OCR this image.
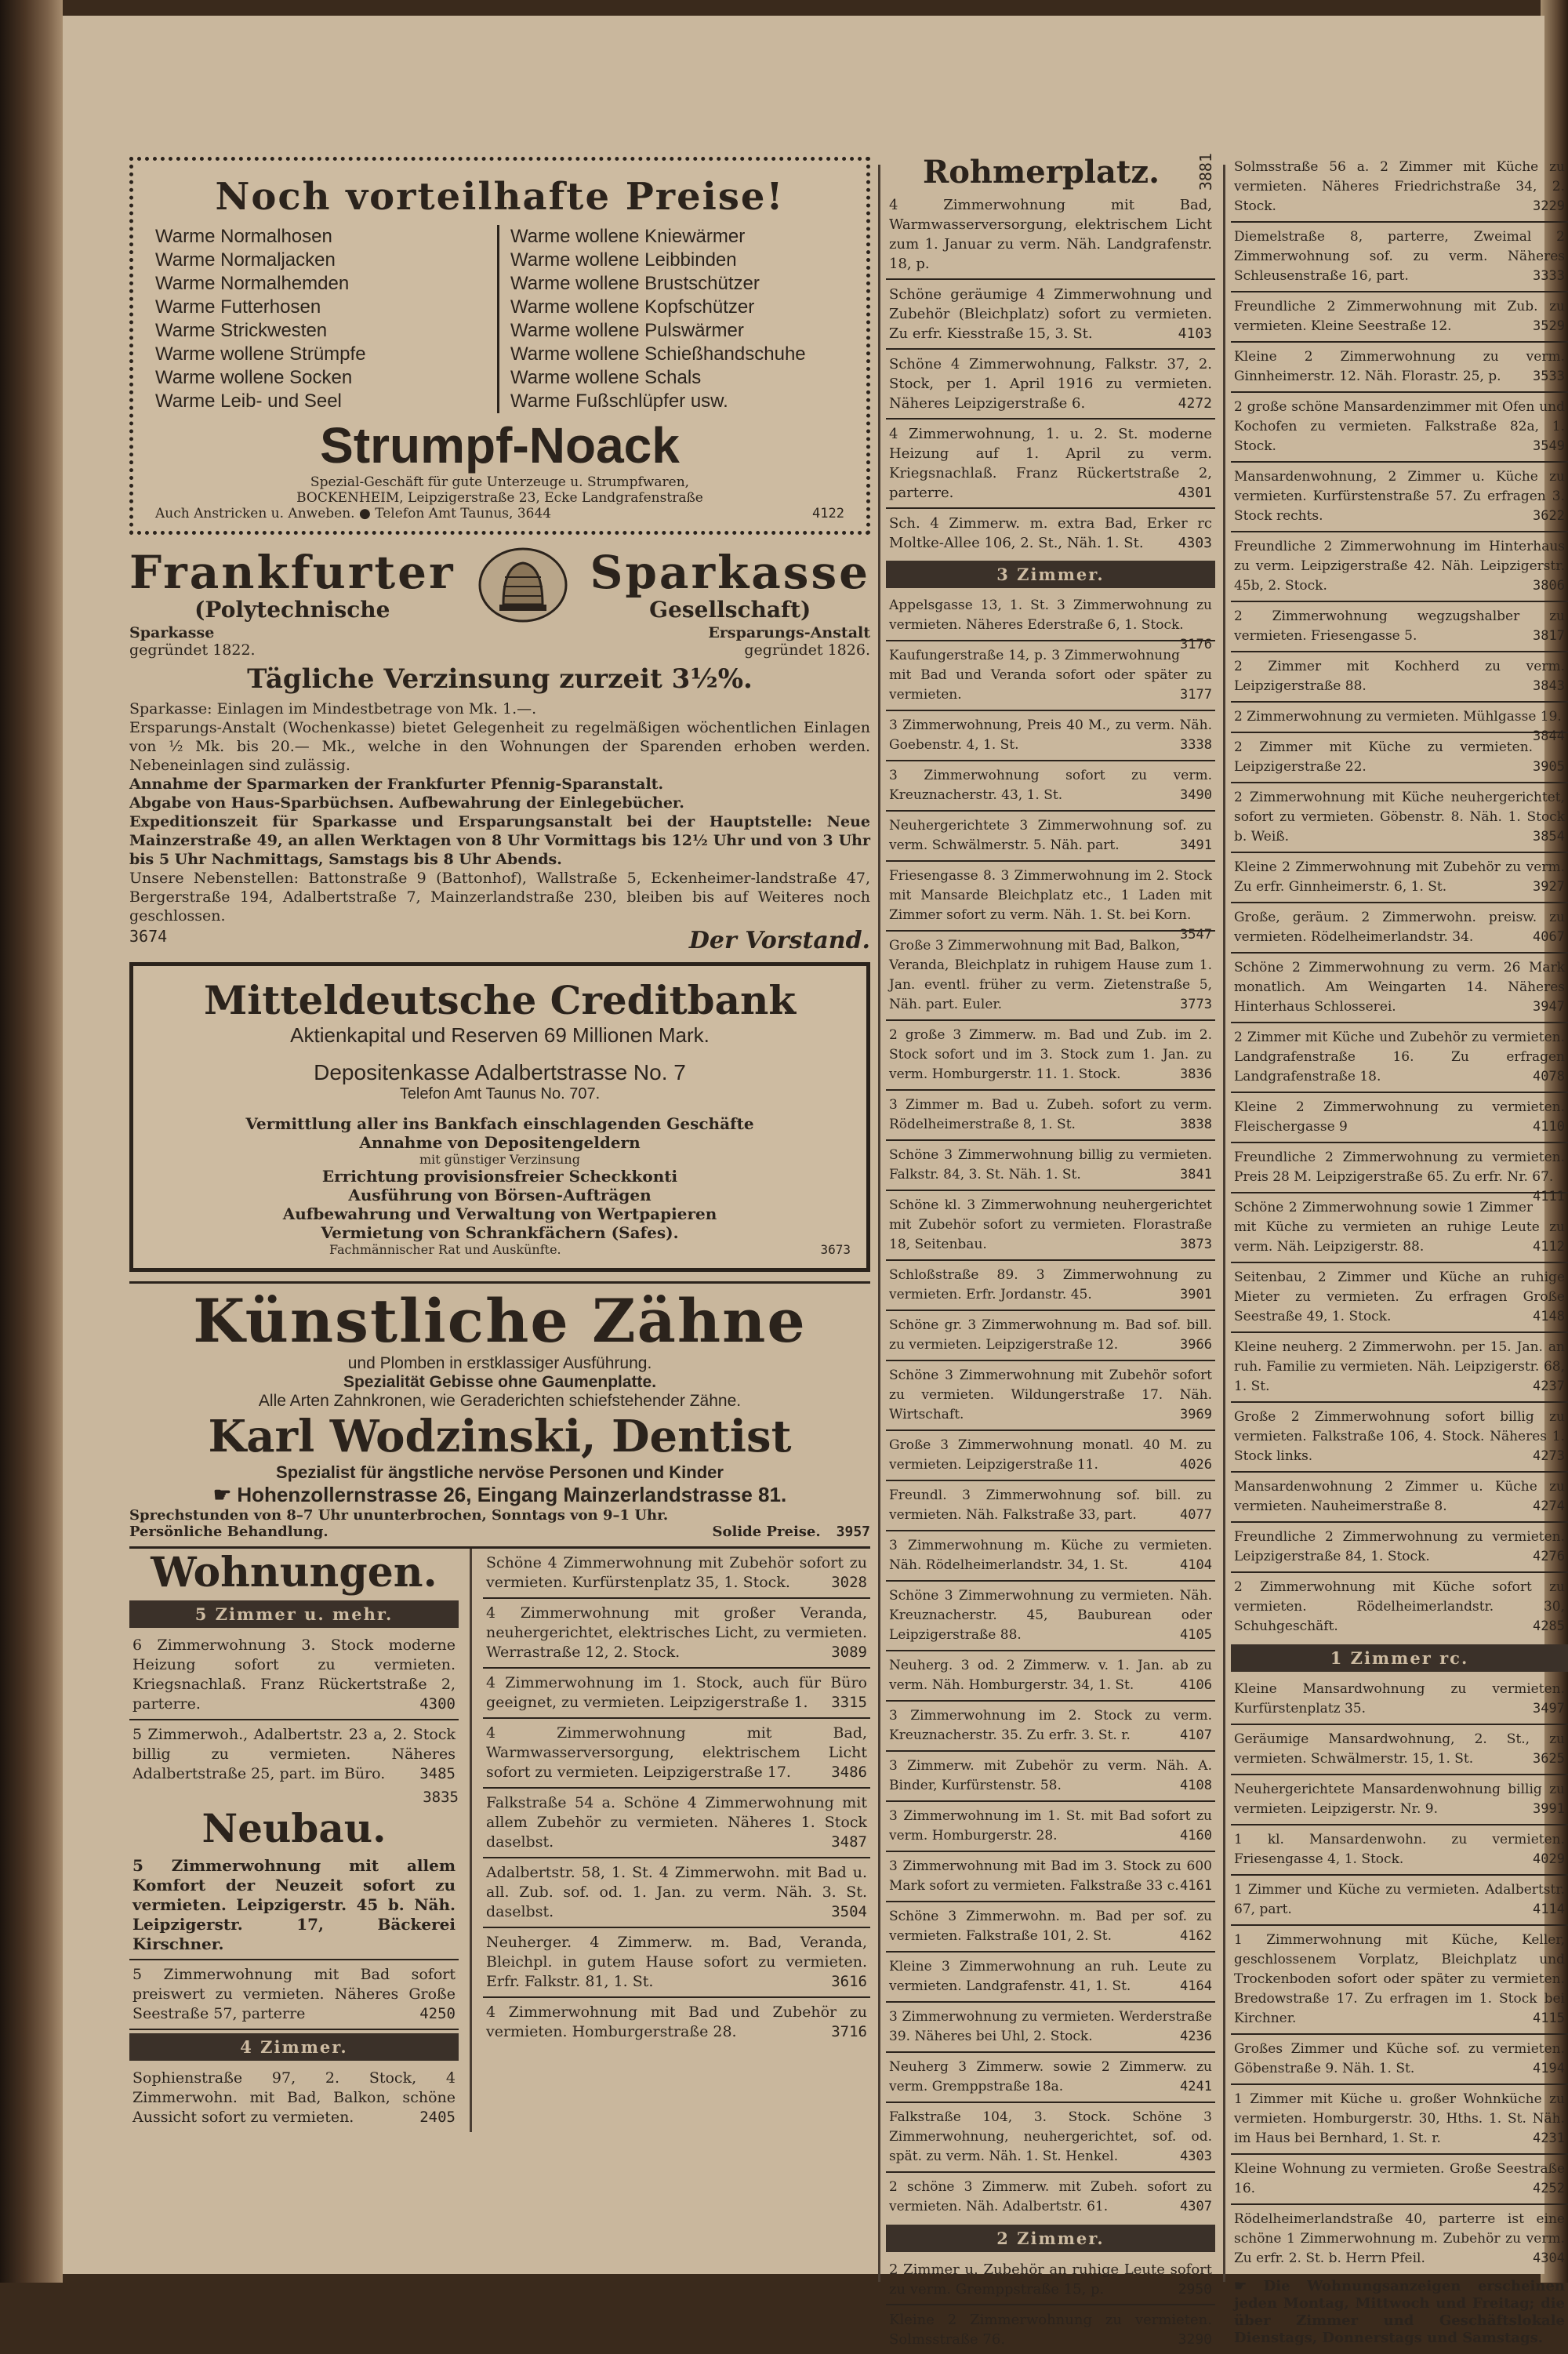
Noch vorteilhafte Preise!
Warme Normalhosen
Warme Normaljacken
Warme Normalhemden
Warme Futterhosen
Warme Strickwesten
Warme wollene Strümpfe
Warme wollene Socken
Warme Leib- und Seel
Warme wollene Kniewärmer
Warme wollene Leibbinden
Warme wollene Brustschützer
Warme wollene Kopfschützer
Warme wollene Pulswärmer
Warme wollene Schießhandschuhe
Warme wollene Schals
Warme Fußschlüpfer usw.
Strumpf-Noack
Spezial-Geschäft für gute Unterzeuge u. Strumpfwaren,
BOCKENHEIM, Leipzigerstraße 23, Ecke Landgrafenstraße
Auch Anstricken u. Anweben. ● Telefon Amt Taunus, 3644	4122
Frankfurter
(Polytechnische
Sparkasse
Gesellschaft)
Sparkasse
gegründet 1822.
Ersparungs-Anstalt
gegründet 1826.
Tägliche Verzinsung zurzeit 3½%.
Sparkasse: Einlagen im Mindestbetrage von Mk. 1.—.
Ersparungs-Anstalt (Wochenkasse) bietet Gelegenheit zu regelmäßigen wöchentlichen Einlagen von ½ Mk. bis 20.— Mk., welche in den Wohnungen der Sparenden erhoben werden. Nebeneinlagen sind zulässig.
Annahme der Sparmarken der Frankfurter Pfennig-Sparanstalt.
Abgabe von Haus-Sparbüchsen. Aufbewahrung der Einlegebücher.
Expeditionszeit für Sparkasse und Ersparungsanstalt bei der Hauptstelle: Neue Mainzerstraße 49, an allen Werktagen von 8 Uhr Vormittags bis 12½ Uhr und von 3 Uhr bis 5 Uhr Nachmittags, Samstags bis 8 Uhr Abends.
Unsere Nebenstellen: Battonstraße 9 (Battonhof), Wallstraße 5, Eckenheimer-landstraße 47, Bergerstraße 194, Adalbertstraße 7, Mainzerlandstraße 230, bleiben bis auf Weiteres noch geschlossen.
3674	Der Vorstand.
Mitteldeutsche Creditbank
Aktienkapital und Reserven 69 Millionen Mark.
Depositenkasse Adalbertstrasse No. 7
Telefon Amt Taunus No. 707.
Vermittlung aller ins Bankfach einschlagenden Geschäfte
Annahme von Depositengeldern
mit günstiger Verzinsung
Errichtung provisionsfreier Scheckkonti
Ausführung von Börsen-Aufträgen
Aufbewahrung und Verwaltung von Wertpapieren
Vermietung von Schrankfächern (Safes).
Fachmännischer Rat und Auskünfte.	3673
Künstliche Zähne
und Plomben in erstklassiger Ausführung.
Spezialität Gebisse ohne Gaumenplatte.
Alle Arten Zahnkronen, wie Geraderichten schiefstehender Zähne.
Karl Wodzinski, Dentist
Spezialist für ängstliche nervöse Personen und Kinder
☛ Hohenzollernstrasse 26, Eingang Mainzerlandstrasse 81.
Sprechstunden von 8–7 Uhr ununterbrochen, Sonntags von 9–1 Uhr.
Persönliche Behandlung.	Solide Preise. 3957
Wohnungen.
5 Zimmer u. mehr.
6 Zimmerwohnung 3. Stock moderne Heizung sofort zu vermieten. Kriegsnachlaß. Franz Rückertstraße 2, parterre.	4300
5 Zimmerwoh., Adalbertstr. 23 a, 2. Stock billig zu vermieten. Näheres Adalbertstraße 25, part. im Büro. 3485
3835
Neubau.
5 Zimmerwohnung mit allem Komfort der Neuzeit sofort zu vermieten. Leipzigerstr. 45 b. Näh. Leipzigerstr. 17, Bäckerei Kirschner.
5 Zimmerwohnung mit Bad sofort preiswert zu vermieten. Näheres Große Seestraße 57, parterre	4250
4 Zimmer.
Sophienstraße 97, 2. Stock, 4 Zimmerwohn. mit Bad, Balkon, schöne Aussicht sofort zu vermieten.	2405
Schöne 4 Zimmerwohnung mit Zubehör sofort zu vermieten. Kurfürstenplatz 35, 1. Stock.	3028
4 Zimmerwohnung mit großer Veranda, neuhergerichtet, elektrisches Licht, zu vermieten. Werrastraße 12, 2. Stock.	3089
4 Zimmerwohnung im 1. Stock, auch für Büro geeignet, zu vermieten. Leipzigerstraße 1. 3315
4 Zimmerwohnung mit Bad, Warmwasserversorgung, elektrischem Licht sofort zu vermieten. Leipzigerstraße 17.	3486
Falkstraße 54 a. Schöne 4 Zimmerwohnung mit allem Zubehör zu vermieten. Näheres 1. Stock daselbst.	3487
Adalbertstr. 58, 1. St. 4 Zimmerwohn. mit Bad u. all. Zub. sof. od. 1. Jan. zu verm. Näh. 3. St. daselbst.	3504
Neuherger. 4 Zimmerw. m. Bad, Veranda, Bleichpl. in gutem Hause sofort zu vermieten. Erfr. Falkstr. 81, 1. St.	3616
4 Zimmerwohnung mit Bad und Zubehör zu vermieten. Homburgerstraße 28.	3716
Rohmerplatz.	3881
4 Zimmerwohnung mit Bad, Warmwasserversorgung, elektrischem Licht zum 1. Januar zu verm. Näh. Landgrafenstr. 18, p.
Schöne geräumige 4 Zimmerwohnung und Zubehör (Bleichplatz) sofort zu vermieten. Zu erfr. Kiesstraße 15, 3. St.	4103
Schöne 4 Zimmerwohnung, Falkstr. 37, 2. Stock, per 1. April 1916 zu vermieten. Näheres Leipzigerstraße 6.	4272
4 Zimmerwohnung, 1. u. 2. St. moderne Heizung auf 1. April zu verm. Kriegsnachlaß. Franz Rückertstraße 2, parterre.	4301
Sch. 4 Zimmerw. m. extra Bad, Erker rc Moltke-Allee 106, 2. St., Näh. 1. St. 4303
3 Zimmer.
Appelsgasse 13, 1. St. 3 Zimmerwohnung zu vermieten. Näheres Ederstraße 6, 1. Stock.
3176
Kaufungerstraße 14, p. 3 Zimmerwohnung mit Bad und Veranda sofort oder später zu vermieten.	3177
3 Zimmerwohnung, Preis 40 M., zu verm. Näh. Goebenstr. 4, 1. St.	3338
3 Zimmerwohnung sofort zu verm. Kreuznacherstr. 43, 1. St.	3490
Neuhergerichtete 3 Zimmerwohnung sof. zu verm. Schwälmerstr. 5. Näh. part.	3491
Friesengasse 8. 3 Zimmerwohnung im 2. Stock mit Mansarde Bleichplatz etc., 1 Laden mit Zimmer sofort zu verm. Näh. 1. St. bei Korn.
3547
Große 3 Zimmerwohnung mit Bad, Balkon, Veranda, Bleichplatz in ruhigem Hause zum 1. Jan. eventl. früher zu verm. Zietenstraße 5, Näh. part. Euler.	3773
2 große 3 Zimmerw. m. Bad und Zub. im 2. Stock sofort und im 3. Stock zum 1. Jan. zu verm. Homburgerstr. 11. 1. Stock.	3836
3 Zimmer m. Bad u. Zubeh. sofort zu verm. Rödelheimerstraße 8, 1. St.	3838
Schöne 3 Zimmerwohnung billig zu vermieten. Falkstr. 84, 3. St. Näh. 1. St.	3841
Schöne kl. 3 Zimmerwohnung neuhergerichtet mit Zubehör sofort zu vermieten. Florastraße 18, Seitenbau.	3873
Schloßstraße 89. 3 Zimmerwohnung zu vermieten. Erfr. Jordanstr. 45.	3901
Schöne gr. 3 Zimmerwohnung m. Bad sof. bill. zu vermieten. Leipzigerstraße 12.	3966
Schöne 3 Zimmerwohnung mit Zubehör sofort zu vermieten. Wildungerstraße 17. Näh. Wirtschaft.	3969
Große 3 Zimmerwohnung monatl. 40 M. zu vermieten. Leipzigerstraße 11.	4026
Freundl. 3 Zimmerwohnung sof. bill. zu vermieten. Näh. Falkstraße 33, part.	4077
3 Zimmerwohnung m. Küche zu vermieten. Näh. Rödelheimerlandstr. 34, 1. St.	4104
Schöne 3 Zimmerwohnung zu vermieten. Näh. Kreuznacherstr. 45, Bauburean oder Leipzigerstraße 88.	4105
Neuherg. 3 od. 2 Zimmerw. v. 1. Jan. ab zu verm. Näh. Homburgerstr. 34, 1. St.	4106
3 Zimmerwohnung im 2. Stock zu verm. Kreuznacherstr. 35. Zu erfr. 3. St. r.	4107
3 Zimmerw. mit Zubehör zu verm. Näh. A. Binder, Kurfürstenstr. 58.	4108
3 Zimmerwohnung im 1. St. mit Bad sofort zu verm. Homburgerstr. 28.	4160
3 Zimmerwohnung mit Bad im 3. Stock zu 600 Mark sofort zu vermieten. Falkstraße 33 c. 4161
Schöne 3 Zimmerwohn. m. Bad per sof. zu vermieten. Falkstraße 101, 2. St.	4162
Kleine 3 Zimmerwohnung an ruh. Leute zu vermieten. Landgrafenstr. 41, 1. St.	4164
3 Zimmerwohnung zu vermieten. Werderstraße 39. Näheres bei Uhl, 2. Stock.	4236
Neuherg 3 Zimmerw. sowie 2 Zimmerw. zu verm. Gremppstraße 18a.	4241
Falkstraße 104, 3. Stock. Schöne 3 Zimmerwohnung, neuhergerichtet, sof. od. spät. zu verm. Näh. 1. St. Henkel.	4303
2 schöne 3 Zimmerw. mit Zubeh. sofort zu vermieten. Näh. Adalbertstr. 61.	4307
2 Zimmer.
2 Zimmer u. Zubehör an ruhige Leute sofort zu verm. Gremppstraße 15, p.	2950
Kleine 2 Zimmerwohnung zu vermieten. Solmsstraße 76.	3290
Solmsstraße 56 a. 2 Zimmer mit Küche zu vermieten. Näheres Friedrichstraße 34, 2. Stock.	3229
Diemelstraße 8, parterre, Zweimal 2 Zimmerwohnung sof. zu verm. Näheres Schleusenstraße 16, part.	3333
Freundliche 2 Zimmerwohnung mit Zub. zu vermieten. Kleine Seestraße 12.	3529
Kleine 2 Zimmerwohnung zu verm. Ginnheimerstr. 12. Näh. Florastr. 25, p. 3533
2 große schöne Mansardenzimmer mit Ofen und Kochofen zu vermieten. Falkstraße 82a, 1. Stock.	3549
Mansardenwohnung, 2 Zimmer u. Küche zu vermieten. Kurfürstenstraße 57. Zu erfragen 3. Stock rechts.	3622
Freundliche 2 Zimmerwohnung im Hinterhaus zu verm. Leipzigerstraße 42. Näh. Leipzigerstr. 45b, 2. Stock.	3806
2 Zimmerwohnung wegzugshalber zu vermieten. Friesengasse 5.	3817
2 Zimmer mit Kochherd zu verm. Leipzigerstraße 88.	3843
2 Zimmerwohnung zu vermieten. Mühlgasse 19.
3844
2 Zimmer mit Küche zu vermieten. Leipzigerstraße 22.	3905
2 Zimmerwohnung mit Küche neuhergerichtet, sofort zu vermieten. Göbenstr. 8. Näh. 1. Stock b. Weiß.	3854
Kleine 2 Zimmerwohnung mit Zubehör zu verm. Zu erfr. Ginnheimerstr. 6, 1. St.	3927
Große, geräum. 2 Zimmerwohn. preisw. zu vermieten. Rödelheimerlandstr. 34.	4067
Schöne 2 Zimmerwohnung zu verm. 26 Mark monatlich. Am Weingarten 14. Näheres Hinterhaus Schlosserei.	3947
2 Zimmer mit Küche und Zubehör zu vermieten. Landgrafenstraße 16. Zu erfragen Landgrafenstraße 18.	4078
Kleine 2 Zimmerwohnung zu vermieten. Fleischergasse 9	4110
Freundliche 2 Zimmerwohnung zu vermieten. Preis 28 M. Leipzigerstraße 65. Zu erfr. Nr. 67.
4111
Schöne 2 Zimmerwohnung sowie 1 Zimmer mit Küche zu vermieten an ruhige Leute zu verm. Näh. Leipzigerstr. 88.	4112
Seitenbau, 2 Zimmer und Küche an ruhige Mieter zu vermieten. Zu erfragen Große Seestraße 49, 1. Stock.	4148
Kleine neuherg. 2 Zimmerwohn. per 15. Jan. an ruh. Familie zu vermieten. Näh. Leipzigerstr. 68, 1. St.	4237
Große 2 Zimmerwohnung sofort billig zu vermieten. Falkstraße 106, 4. Stock. Näheres 1. Stock links.	4273
Mansardenwohnung 2 Zimmer u. Küche zu vermieten. Nauheimerstraße 8.	4274
Freundliche 2 Zimmerwohnung zu vermieten. Leipzigerstraße 84, 1. Stock.	4276
2 Zimmerwohnung mit Küche sofort zu vermieten. Rödelheimerlandstr. 30, Schuhgeschäft.	4285
1 Zimmer rc.
Kleine Mansardwohnung zu vermieten. Kurfürstenplatz 35.	3497
Geräumige Mansardwohnung, 2. St., zu vermieten. Schwälmerstr. 15, 1. St.	3625
Neuhergerichtete Mansardenwohnung billig zu vermieten. Leipzigerstr. Nr. 9.	3991
1 kl. Mansardenwohn. zu vermieten. Friesengasse 4, 1. Stock.	4029
1 Zimmer und Küche zu vermieten. Adalbertstr. 67, part.	4114
1 Zimmerwohnung mit Küche, Keller, geschlossenem Vorplatz, Bleichplatz und Trockenboden sofort oder später zu vermieten. Bredowstraße 17. Zu erfragen im 1. Stock bei Kirchner.	4115
Großes Zimmer und Küche sof. zu vermieten. Göbenstraße 9. Näh. 1. St.	4194
1 Zimmer mit Küche u. großer Wohnküche zu vermieten. Homburgerstr. 30, Hths. 1. St. Näh. im Haus bei Bernhard, 1. St. r.	4231
Kleine Wohnung zu vermieten. Große Seestraße 16.	4252
Rödelheimerlandstraße 40, parterre ist eine schöne 1 Zimmerwohnung m. Zubehör zu verm. Zu erfr. 2. St. b. Herrn Pfeil.	4304
☛ Die Wohnungsanzeigen erscheinen jeden Montag, Mittwoch und Freitag; die über Zimmer und Geschäftslokale Dienstags, Donnerstags und Samstags.
